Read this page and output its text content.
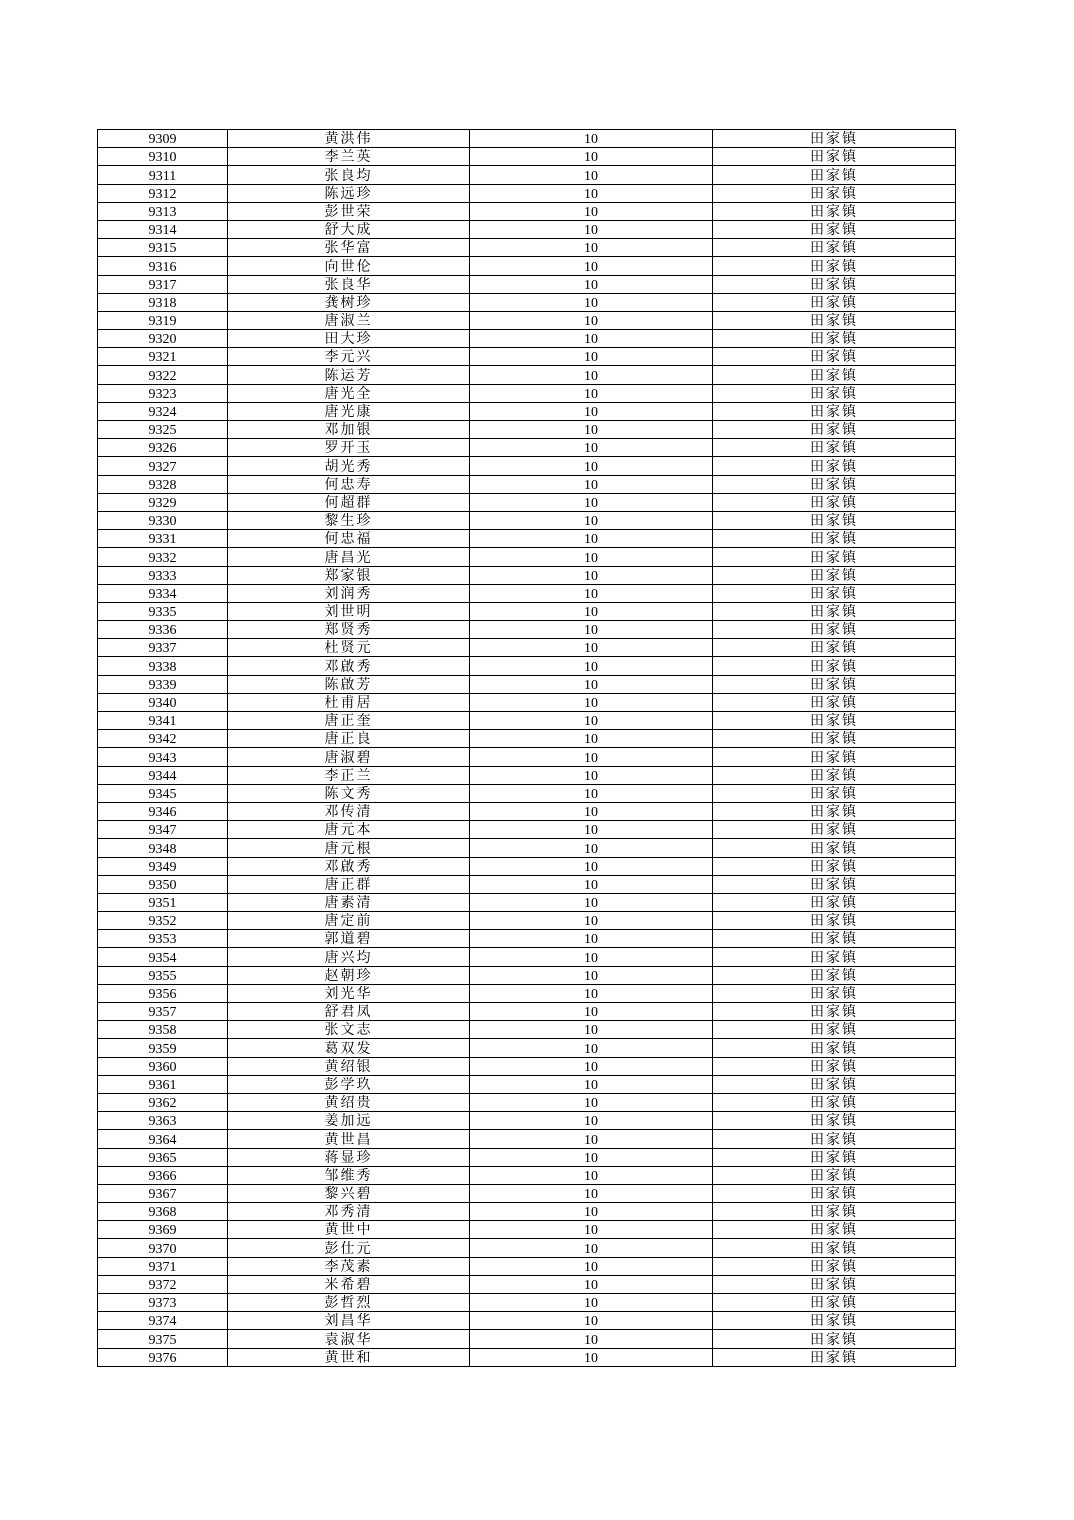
9309	黄洪伟	10	田家镇
9310	李兰英	10	田家镇
9311	张良均	10	田家镇
9312	陈远珍	10	田家镇
9313	彭世荣	10	田家镇
9314	舒大成	10	田家镇
9315	张华富	10	田家镇
9316	向世伦	10	田家镇
9317	张良华	10	田家镇
9318	龚树珍	10	田家镇
9319	唐淑兰	10	田家镇
9320	田大珍	10	田家镇
9321	李元兴	10	田家镇
9322	陈运芳	10	田家镇
9323	唐光全	10	田家镇
9324	唐光康	10	田家镇
9325	邓加银	10	田家镇
9326	罗开玉	10	田家镇
9327	胡光秀	10	田家镇
9328	何忠寿	10	田家镇
9329	何超群	10	田家镇
9330	黎生珍	10	田家镇
9331	何忠福	10	田家镇
9332	唐昌光	10	田家镇
9333	郑家银	10	田家镇
9334	刘润秀	10	田家镇
9335	刘世明	10	田家镇
9336	郑贤秀	10	田家镇
9337	杜贤元	10	田家镇
9338	邓啟秀	10	田家镇
9339	陈啟芳	10	田家镇
9340	杜甫居	10	田家镇
9341	唐正奎	10	田家镇
9342	唐正良	10	田家镇
9343	唐淑碧	10	田家镇
9344	李正兰	10	田家镇
9345	陈文秀	10	田家镇
9346	邓传清	10	田家镇
9347	唐元本	10	田家镇
9348	唐元根	10	田家镇
9349	邓啟秀	10	田家镇
9350	唐正群	10	田家镇
9351	唐素清	10	田家镇
9352	唐定前	10	田家镇
9353	郭道碧	10	田家镇
9354	唐兴均	10	田家镇
9355	赵朝珍	10	田家镇
9356	刘光华	10	田家镇
9357	舒君凤	10	田家镇
9358	张文志	10	田家镇
9359	葛双发	10	田家镇
9360	黄绍银	10	田家镇
9361	彭学玖	10	田家镇
9362	黄绍贵	10	田家镇
9363	姜加远	10	田家镇
9364	黄世昌	10	田家镇
9365	蒋显珍	10	田家镇
9366	邹维秀	10	田家镇
9367	黎兴碧	10	田家镇
9368	邓秀清	10	田家镇
9369	黄世中	10	田家镇
9370	彭仕元	10	田家镇
9371	李茂素	10	田家镇
9372	米希碧	10	田家镇
9373	彭哲烈	10	田家镇
9374	刘昌华	10	田家镇
9375	袁淑华	10	田家镇
9376	黄世和	10	田家镇
